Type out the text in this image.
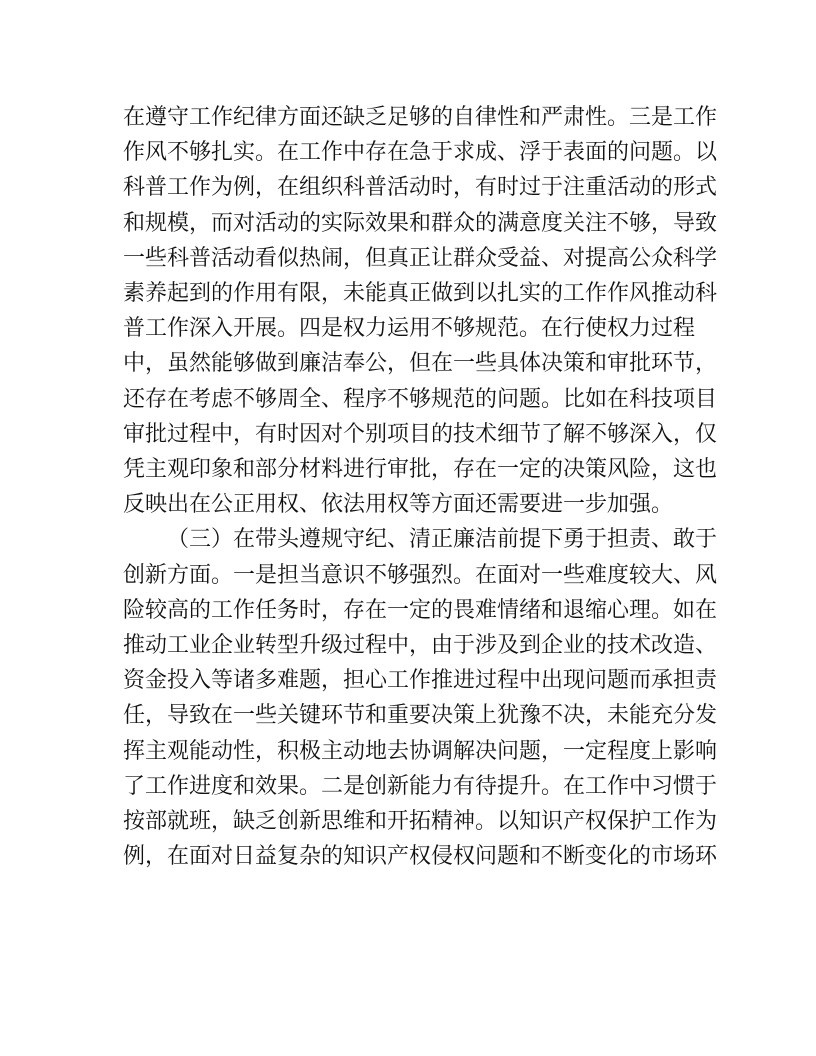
在遵守工作纪律方面还缺乏足够的自律性和严肃性。三是工作
作风不够扎实。在工作中存在急于求成、浮于表面的问题。以
科普工作为例，在组织科普活动时，有时过于注重活动的形式
和规模，而对活动的实际效果和群众的满意度关注不够，导致
一些科普活动看似热闹，但真正让群众受益、对提高公众科学
素养起到的作用有限，未能真正做到以扎实的工作作风推动科
普工作深入开展。四是权力运用不够规范。在行使权力过程
中，虽然能够做到廉洁奉公，但在一些具体决策和审批环节，
还存在考虑不够周全、程序不够规范的问题。比如在科技项目
审批过程中，有时因对个别项目的技术细节了解不够深入，仅
凭主观印象和部分材料进行审批，存在一定的决策风险，这也
反映出在公正用权、依法用权等方面还需要进一步加强。
（三）在带头遵规守纪、清正廉洁前提下勇于担责、敢于
创新方面。一是担当意识不够强烈。在面对一些难度较大、风
险较高的工作任务时，存在一定的畏难情绪和退缩心理。如在
推动工业企业转型升级过程中，由于涉及到企业的技术改造、
资金投入等诸多难题，担心工作推进过程中出现问题而承担责
任，导致在一些关键环节和重要决策上犹豫不决，未能充分发
挥主观能动性，积极主动地去协调解决问题，一定程度上影响
了工作进度和效果。二是创新能力有待提升。在工作中习惯于
按部就班，缺乏创新思维和开拓精神。以知识产权保护工作为
例，在面对日益复杂的知识产权侵权问题和不断变化的市场环
